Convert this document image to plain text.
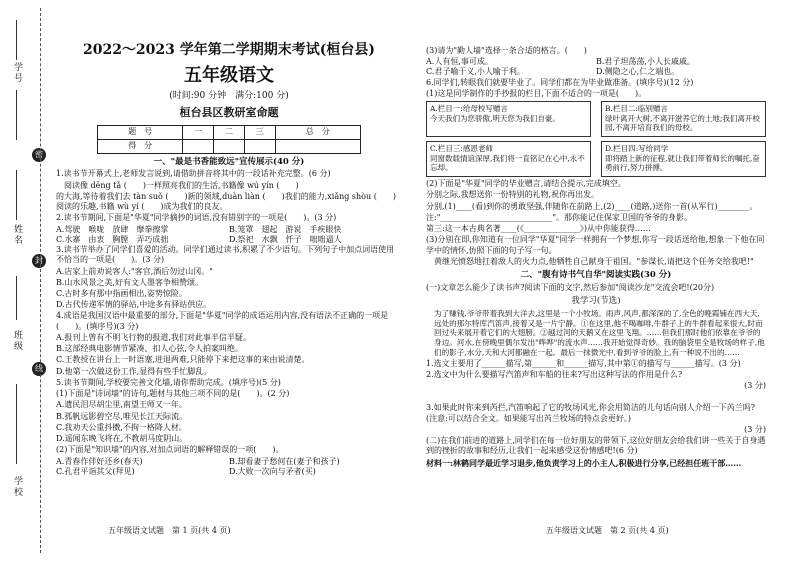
学号
密
姓名
封
班级
线
学校
2022～2023 学年第二学期期末考试(桓台县)
五年级语文
(时间:90 分钟　满分:100 分)
桓台县区教研室命题
题　号	一	二	三	总　分
得　分				
一、"最是书香能致远"宣传展示(40 分)

1.读书节开幕式上,老师发言说到,请借助拼音将其中的一段话补充完整。(6 分)

阅读像 dēng tǎ (　　)一样照亮我们的生活,书籍像 wú yín (　　)

的大海,等待着我们去 tàn suǒ (　　)新的领域,duàn liàn (　　)我们的能力,xiǎng shòu (　　)阅读的乐趣,书籍 wù yí (　　)成为我们的良友。

2.读书节期间,下面是"华夏"同学摘抄的词语,没有错别字的一项是(　　)。(3 分)

A.驾驶　喉咙　放肆　摩拳擦掌	B.笼罩　翅起　游说　手疾眼快
C.水寨　由衷　胸膛　弄巧成拙	D.祭祀　水飘　忏子　咄咄逼人

3.读书节举办了同学们喜爱的活动。同学们通过读书,积累了不少语句。下列句子中加点词语使用不恰当的一项是(　　)。(3 分)

A.店家上前劝说客人:"客官,酒后勿过山冈。"

B.山水风景之美,好有文人墨客争相赞颂。

C.古时多有那中指画相出,姿势惊险。

D.古代传递军情的驿站,中途多有驿站供应。

4.成语是我国汉语中最重要的部分,下面是"华夏"同学的成语运用内容,没有语法不正确的一项是(　　)。(填序号)(3 分)

A.报刊上曾有不明飞行物的报道,我们对此事半信半疑。

B.这部经典电影情节紧凑、扣人心弦,令人拍案叫绝。

C.王教授在讲台上一时语塞,进退两难,只能停下来把这事的来由说清楚。

D.他第一次做这份工作,显得有些手忙脚乱。

5.读书节期间,学校要完善文化墙,请你帮助完成。(填序号)(5 分)

(1)下面是"诗词墙"的诗句,题材与其他三项不同的是(　　)。(2 分)

A.遗民泪尽胡尘里,南望王师又一年。

B.孤帆远影碧空尽,唯见长江天际流。

C.我劝天公重抖擞,不拘一格降人材。

D.遥闻东晚飞将在,不教胡马度阴山。

(2)下面是"知识墙"的内容,对加点词语的解释错误的一项(　　)。

A.青春作伴好还乡(春天)	B.却看妻子愁何在(妻子和孩子)
C.孔君平诣其父(拜见)	D.大败一次向与矛者(买)

(3)请为"勤人墙"选择一条合适的格言。(　　)

A.人有恒,事可成。	B.君子坦荡荡,小人长戚戚。
C.君子喻于义,小人喻于利。	D.侧隐之心,仁之端也。

6.同学们,转眼我们就要毕业了。同学们都在为毕业做准备。(填序号)(12 分)

(1)这是同学制作的手抄报的栏目,下面不适合的一项是(　　)。

A.栏目一:给母校写赠言
今天我们为您骄傲,明天您为我们自豪。
B.栏目二:临别赠言
绿叶离开大树,不离开滋养它的土地;我们离开校园,不离开培育我们的母校。
C.栏目三:感恩老师
同窗数载情谊深厚,我们将一直铭记在心中,永不忘却。
D.栏目四:写给同学
即将踏上新的征程,就让我们带着师长的嘱托,奋勇前行,努力拼搏。

(2)下面是"华夏"同学的毕业赠言,请结合提示,完成填空。

分别之际,我想送你一份特别的礼物,祝你再出发。

分别,(1)____(看)到你的勇敢坚强,伴随你在前路上,(2)____(道路,)送你一首(从军行)________。

注:"____________________________"。那你能记住保家卫国的爷爷的身影。

第三:这一本古典名著____(《______________》)从中你能获得……

(3)分别在即,你知道有一位同学"华夏"同学一样拥有一个梦想,你写一段话送给他,想象一下他在同学中的情怀,仿照下面的句子写一句。

黄继光愤怒地扛着敌人的火力点,他牺牲自己献身于祖国。"参谋长,请把这个任务交给我吧!"

二、"腹有诗书气自华"阅读实践(30 分)

(一)文章怎么能少了读书声?阅读下面的文字,然后参加"阅读沙龙"交流会吧!(20分)

我学习(节选)

为了赚钱,爷爷带着我到大洋去,这里是一个小牧场。雨声,风声,都深深的了,全色的晚霞铺在西大天,远处的那尔特库汽笛声,接着又是一片宁静。①在这里,他不喝咖啡,牛群子上的牛群看起来很大,时而回过头来展开着它们的大翅膀。②越过河的天鹅又在这里飞翔。……但我们那时他们依靠在爷爷的身边。河水,在傍晚里偶尔发出"哗哗"的流水声……我开始觉得奇妙。我的脑袋里全是牧场的样子,他们的影子,水分,天和大河都融在一起。最后一抹微光中,看到爷爷的脸上,有一种说不出的……

1.选文主要用了______描写,第______和______描写,其中第①的描写与______描写。(3 分)

2.选文中为什么要描写汽笛声和车船的往来?写出这种写法的作用是什么?

(3 分)

3.如果此时你来到芮拦,汽笛响起了它的牧场风光,你会用简洁的儿句话向别人介绍一下芮兰吗?(注意:可以结合全文。如果能写出芮兰牧场的特点会更好。)

(3 分)

(二)在我们前进的道路上,同学们在每一位好朋友的带领下,这位好朋友会给我们讲一些关于自身遇到的挫折的故事和经历,让我们一起来感受这份情感吧!(6 分)

材料一:林鹤同学最近学习退步,他负责学习上的小主人,积极进行分享,已经担任班干部……

五年级语文试题　第 1 页(共 4 页)	五年级语文试题　第 2 页(共 4 页)
